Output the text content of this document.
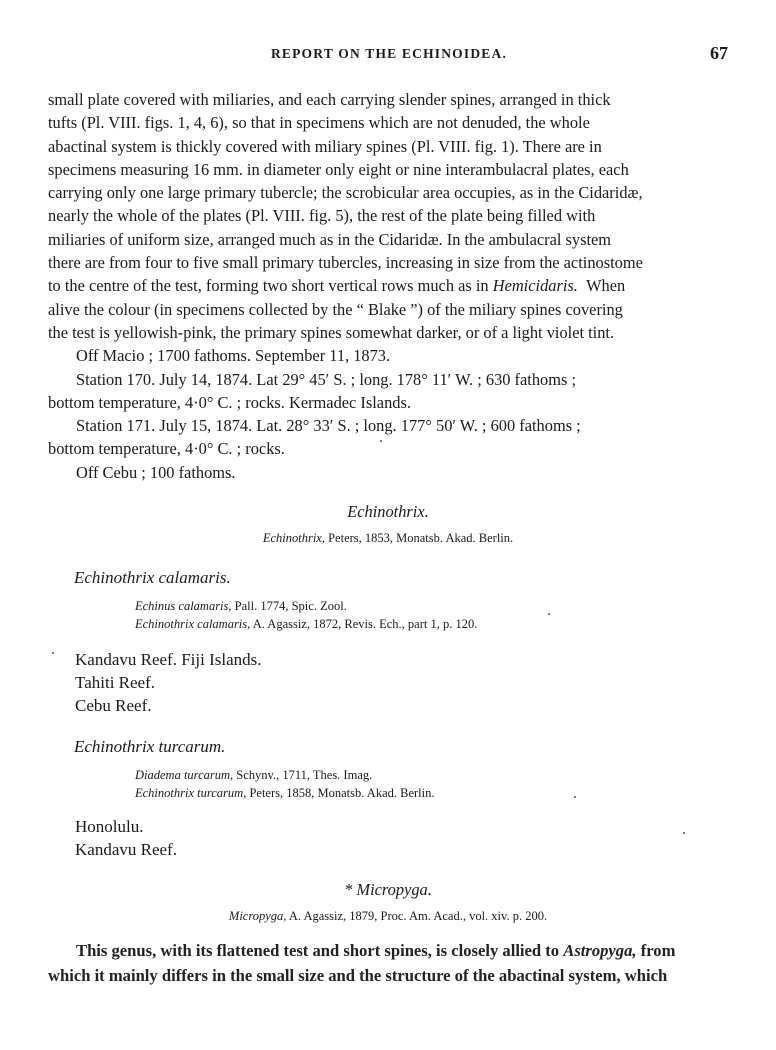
REPORT ON THE ECHINOIDEA.	67

small plate covered with miliaries, and each carrying slender spines, arranged in thick
tufts (Pl. VIII. figs. 1, 4, 6), so that in specimens which are not denuded, the whole
abactinal system is thickly covered with miliary spines (Pl. VIII. fig. 1). There are in
specimens measuring 16 mm. in diameter only eight or nine interambulacral plates, each
carrying only one large primary tubercle; the scrobicular area occupies, as in the Cidaridæ,
nearly the whole of the plates (Pl. VIII. fig. 5), the rest of the plate being filled with
miliaries of uniform size, arranged much as in the Cidaridæ. In the ambulacral system
there are from four to five small primary tubercles, increasing in size from the actinostome
to the centre of the test, forming two short vertical rows much as in Hemicidaris. When
alive the colour (in specimens collected by the “ Blake ”) of the miliary spines covering
the test is yellowish-pink, the primary spines somewhat darker, or of a light violet tint.

Off Macio ; 1700 fathoms. September 11, 1873.

Station 170. July 14, 1874. Lat 29° 45′ S. ; long. 178° 11′ W. ; 630 fathoms ;
bottom temperature, 4·0° C. ; rocks. Kermadec Islands.

Station 171. July 15, 1874. Lat. 28° 33′ S. ; long. 177° 50′ W. ; 600 fathoms ;
bottom temperature, 4·0° C. ; rocks.

Off Cebu ; 100 fathoms.

Echinothrix.
Echinothrix, Peters, 1853, Monatsb. Akad. Berlin.
Echinothrix calamaris.
Echinus calamaris, Pall. 1774, Spic. Zool.
Echinothrix calamaris, A. Agassiz, 1872, Revis. Ech., part 1, p. 120.
Kandavu Reef. Fiji Islands.
Tahiti Reef.
Cebu Reef.
Echinothrix turcarum.
Diadema turcarum, Schynv., 1711, Thes. Imag.
Echinothrix turcarum, Peters, 1858, Monatsb. Akad. Berlin.
Honolulu.
Kandavu Reef.
* Micropyga.
Micropyga, A. Agassiz, 1879, Proc. Am. Acad., vol. xiv. p. 200.

This genus, with its flattened test and short spines, is closely allied to Astropyga, from

which it mainly differs in the small size and the structure of the abactinal system, which
